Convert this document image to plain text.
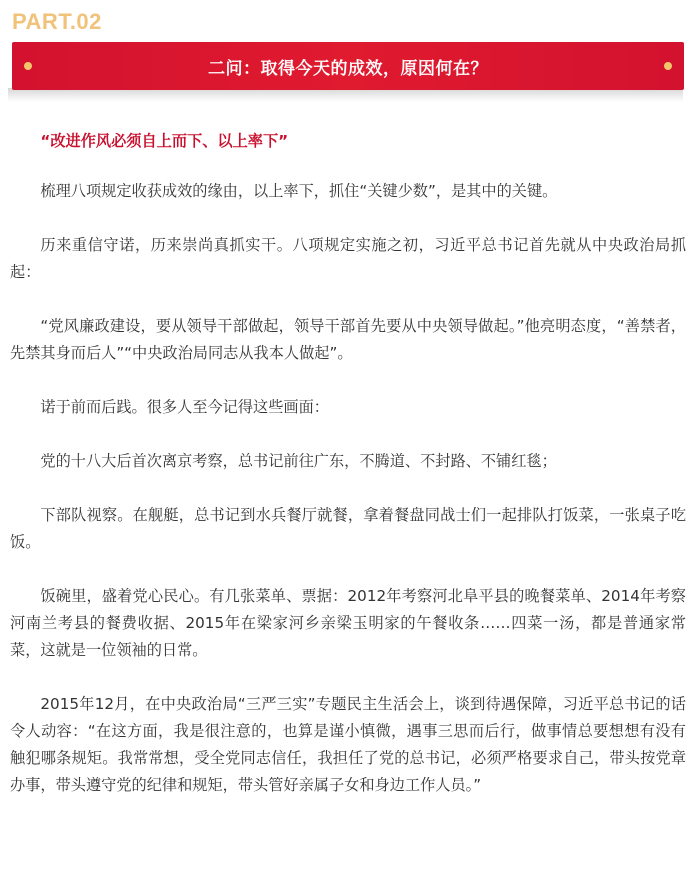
PART.02
二问：取得今天的成效，原因何在？

“改进作风必须自上而下、以上率下”

梳理八项规定收获成效的缘由，以上率下，抓住“关键少数”，是其中的关键。

历来重信守诺，历来崇尚真抓实干。八项规定实施之初，习近平总书记首先就从中央政治局抓起：

“党风廉政建设，要从领导干部做起，领导干部首先要从中央领导做起。”他亮明态度，“善禁者，先禁其身而后人”“中央政治局同志从我本人做起”。

诺于前而后践。很多人至今记得这些画面：

党的十八大后首次离京考察，总书记前往广东，不腾道、不封路、不铺红毯；

下部队视察。在舰艇，总书记到水兵餐厅就餐，拿着餐盘同战士们一起排队打饭菜，一张桌子吃饭。

饭碗里，盛着党心民心。有几张菜单、票据：2012年考察河北阜平县的晚餐菜单、2014年考察河南兰考县的餐费收据、2015年在梁家河乡亲梁玉明家的午餐收条……四菜一汤，都是普通家常菜，这就是一位领袖的日常。

2015年12月，在中央政治局“三严三实”专题民主生活会上，谈到待遇保障，习近平总书记的话令人动容：“在这方面，我是很注意的，也算是谨小慎微，遇事三思而后行，做事情总要想想有没有触犯哪条规矩。我常常想，受全党同志信任，我担任了党的总书记，必须严格要求自己，带头按党章办事，带头遵守党的纪律和规矩，带头管好亲属子女和身边工作人员。”
